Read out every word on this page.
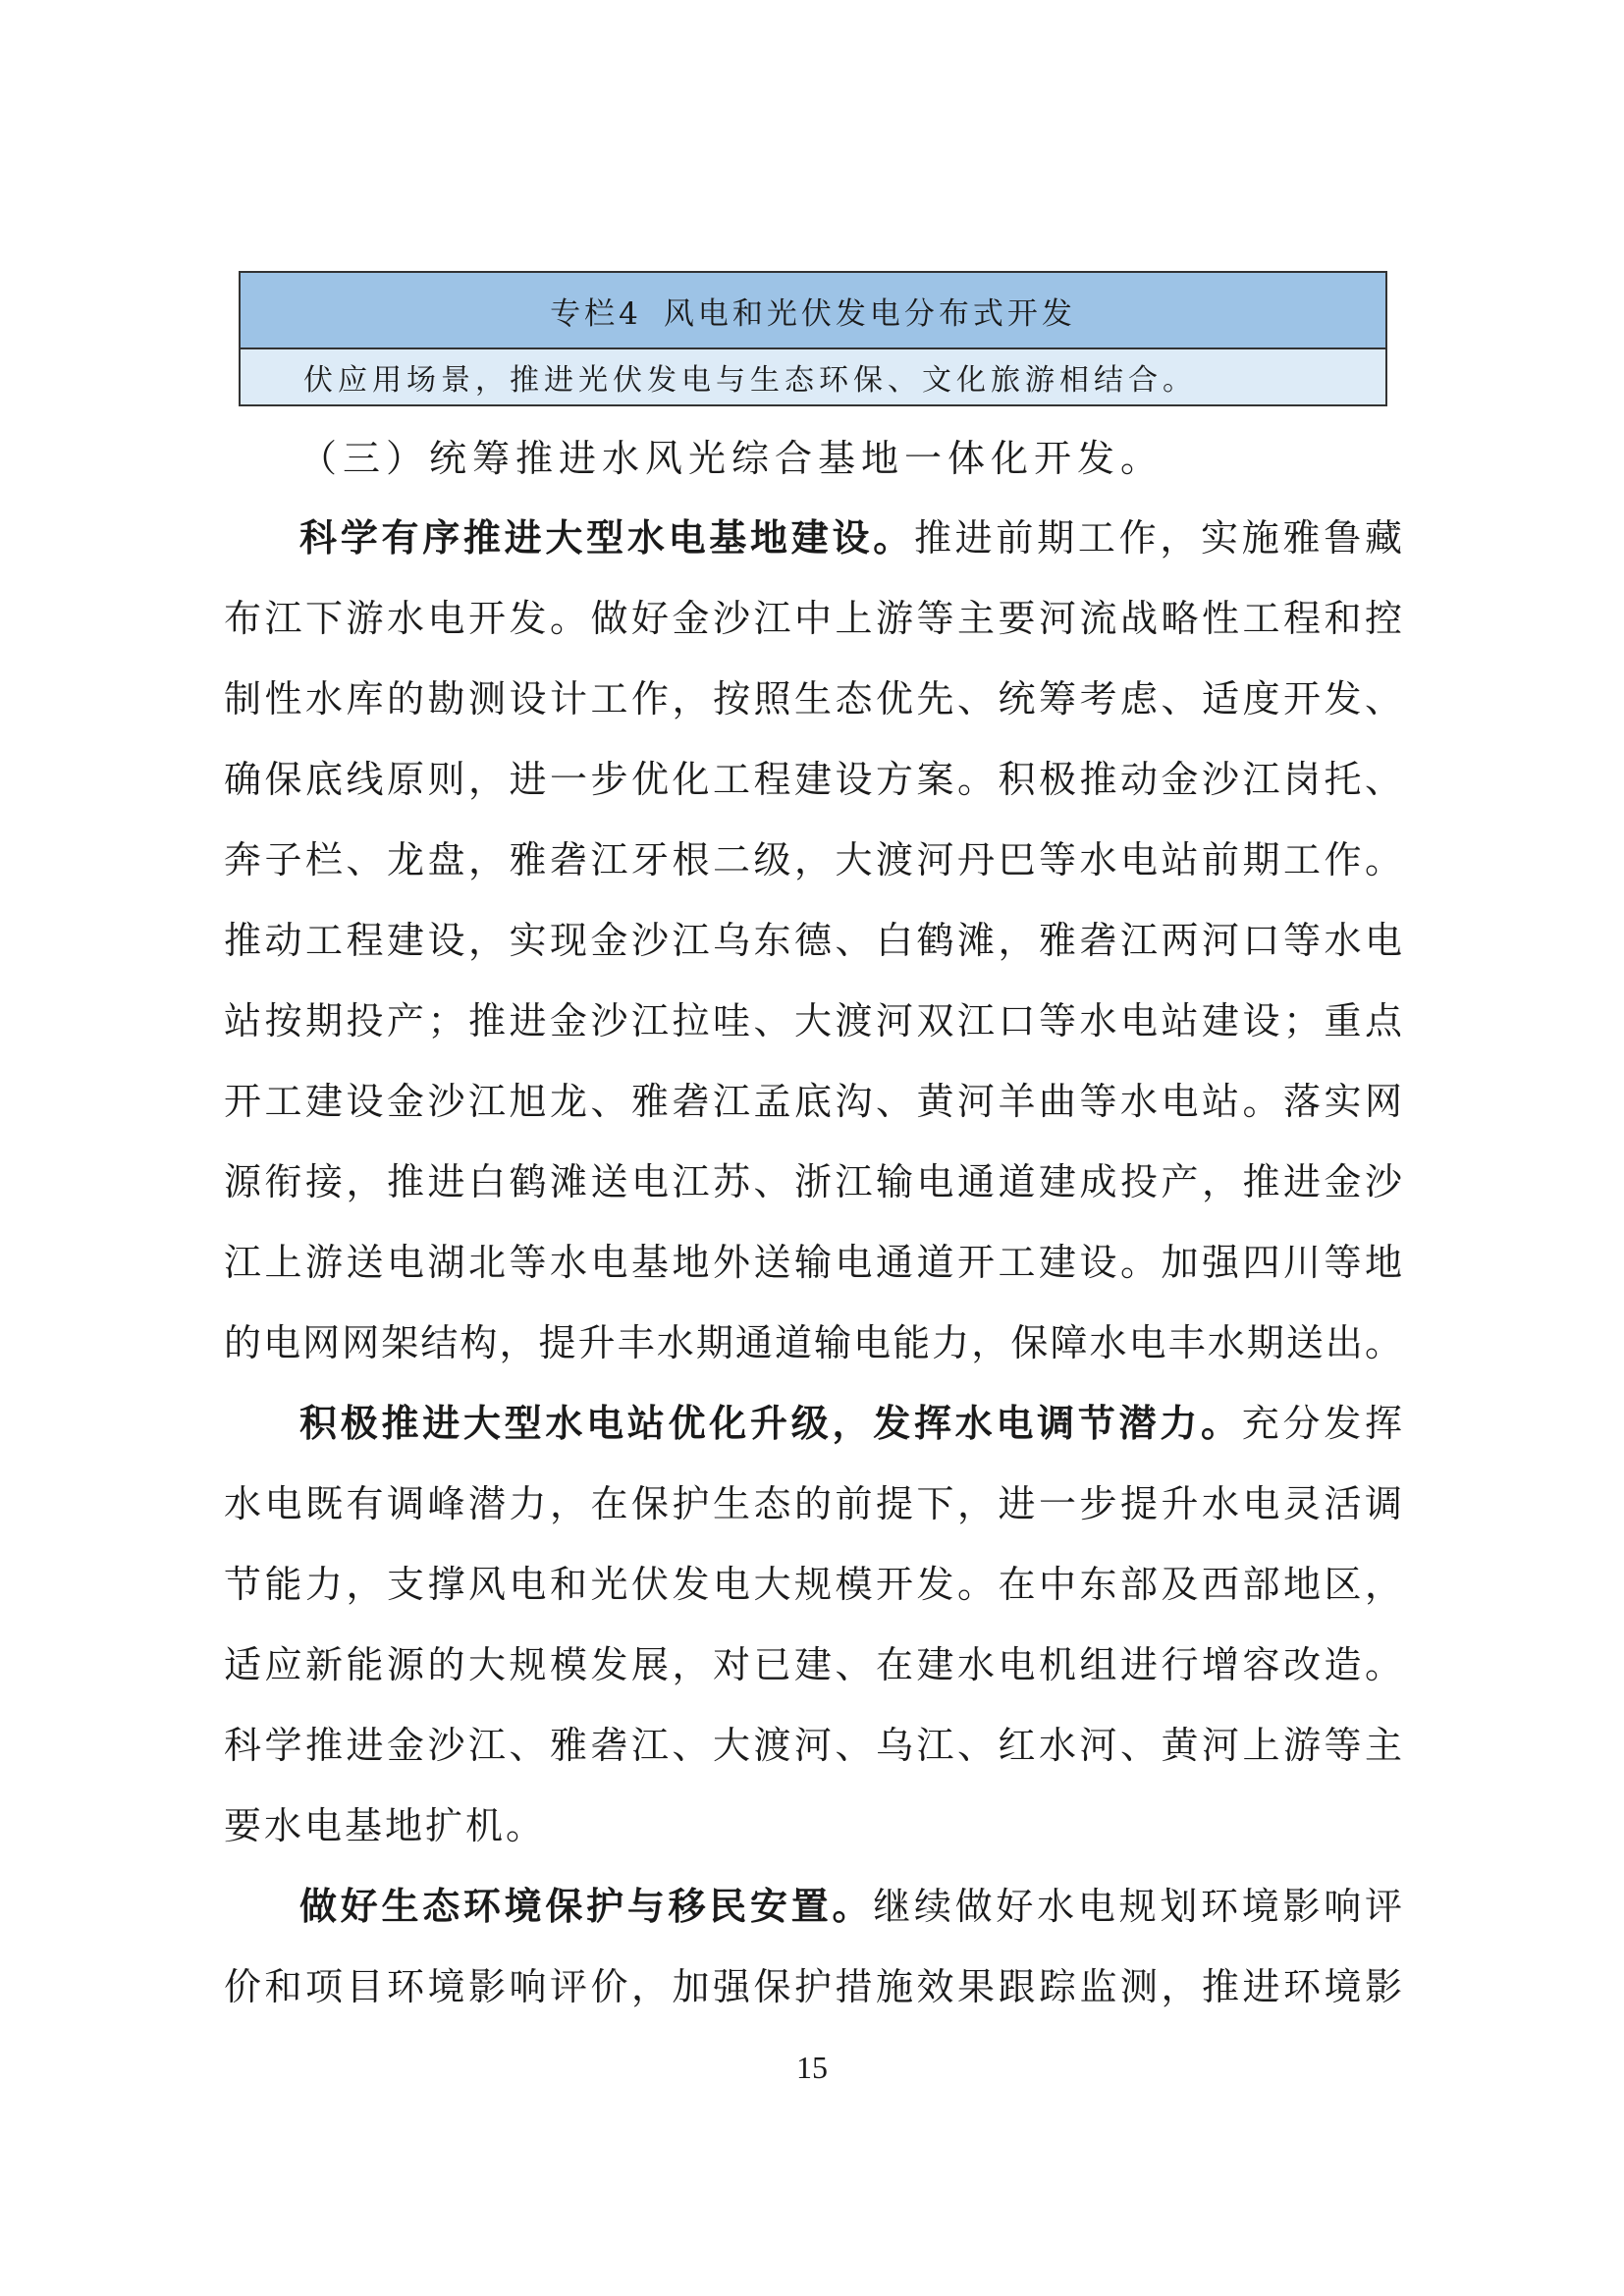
专栏4 风电和光伏发电分布式开发
伏应用场景，推进光伏发电与生态环保、文化旅游相结合。
（三）统筹推进水风光综合基地一体化开发。
科学有序推进大型水电基地建设。推进前期工作，实施雅鲁藏
布江下游水电开发。做好金沙江中上游等主要河流战略性工程和控
制性水库的勘测设计工作，按照生态优先、统筹考虑、适度开发、
确保底线原则，进一步优化工程建设方案。积极推动金沙江岗托、
奔子栏、龙盘，雅砻江牙根二级，大渡河丹巴等水电站前期工作。
推动工程建设，实现金沙江乌东德、白鹤滩，雅砻江两河口等水电
站按期投产；推进金沙江拉哇、大渡河双江口等水电站建设；重点
开工建设金沙江旭龙、雅砻江孟底沟、黄河羊曲等水电站。落实网
源衔接，推进白鹤滩送电江苏、浙江输电通道建成投产，推进金沙
江上游送电湖北等水电基地外送输电通道开工建设。加强四川等地
的电网网架结构，提升丰水期通道输电能力，保障水电丰水期送出。
积极推进大型水电站优化升级，发挥水电调节潜力。充分发挥
水电既有调峰潜力，在保护生态的前提下，进一步提升水电灵活调
节能力，支撑风电和光伏发电大规模开发。在中东部及西部地区，
适应新能源的大规模发展，对已建、在建水电机组进行增容改造。
科学推进金沙江、雅砻江、大渡河、乌江、红水河、黄河上游等主
要水电基地扩机。
做好生态环境保护与移民安置。继续做好水电规划环境影响评
价和项目环境影响评价，加强保护措施效果跟踪监测，推进环境影
15
